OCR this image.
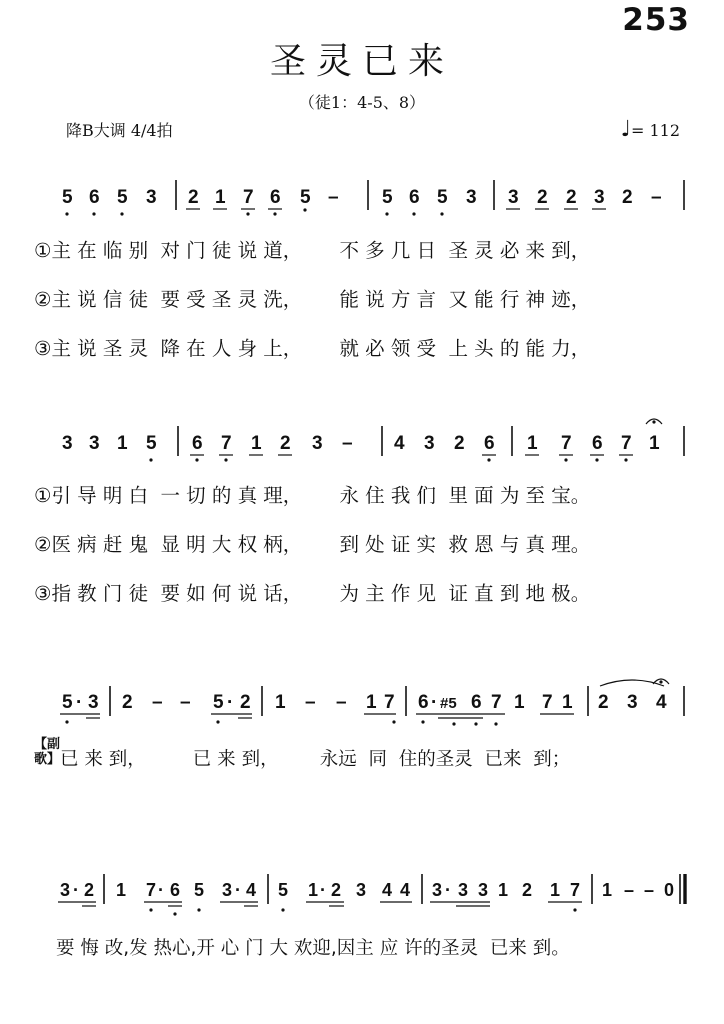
253
圣灵已来
（徒1：4-5、8）
降B大调 4/4拍	♩= 112
5 6 5 3 2 1 7 6 5 – 5 6 5 3 3 2 2 3 2 –
①主 在 临 别  对 门 徒 说 道，      不 多 几 日  圣 灵 必 来 到，
②主 说 信 徒  要 受 圣 灵 洗，      能 说 方 言  又 能 行 神 迹，
③主 说 圣 灵  降 在 人 身 上，      就 必 领 受  上 头 的 能 力，
3 3 1 5 6 7 1 2 3 – 4 3 2 6 1 7 6 7 1
①引 导 明 白  一 切 的 真 理，      永 住 我 们  里 面 为 至 宝。
②医 病 赶 鬼  显 明 大 权 柄，      到 处 证 实  救 恩 与 真 理。
③指 教 门 徒  要 如 何 说 话，      为 主 作 见  证 直 到 地 极。
5 · 3 2 – – 5 · 2 1 – – 1 7 6 · #5 6 7 1 7 1 2 3 4
【副歌】 已 来 到，        已 来 到，       永远  同  住的圣灵  已来  到；
3 · 2 1 7 · 6 5 3 · 4 5 1 · 2 3 4 4 3 · 3 3 1 2 1 7 1 – – 0
要 悔 改,发 热心,开 心 门 大 欢迎,因主 应 许的圣灵  已来 到。
